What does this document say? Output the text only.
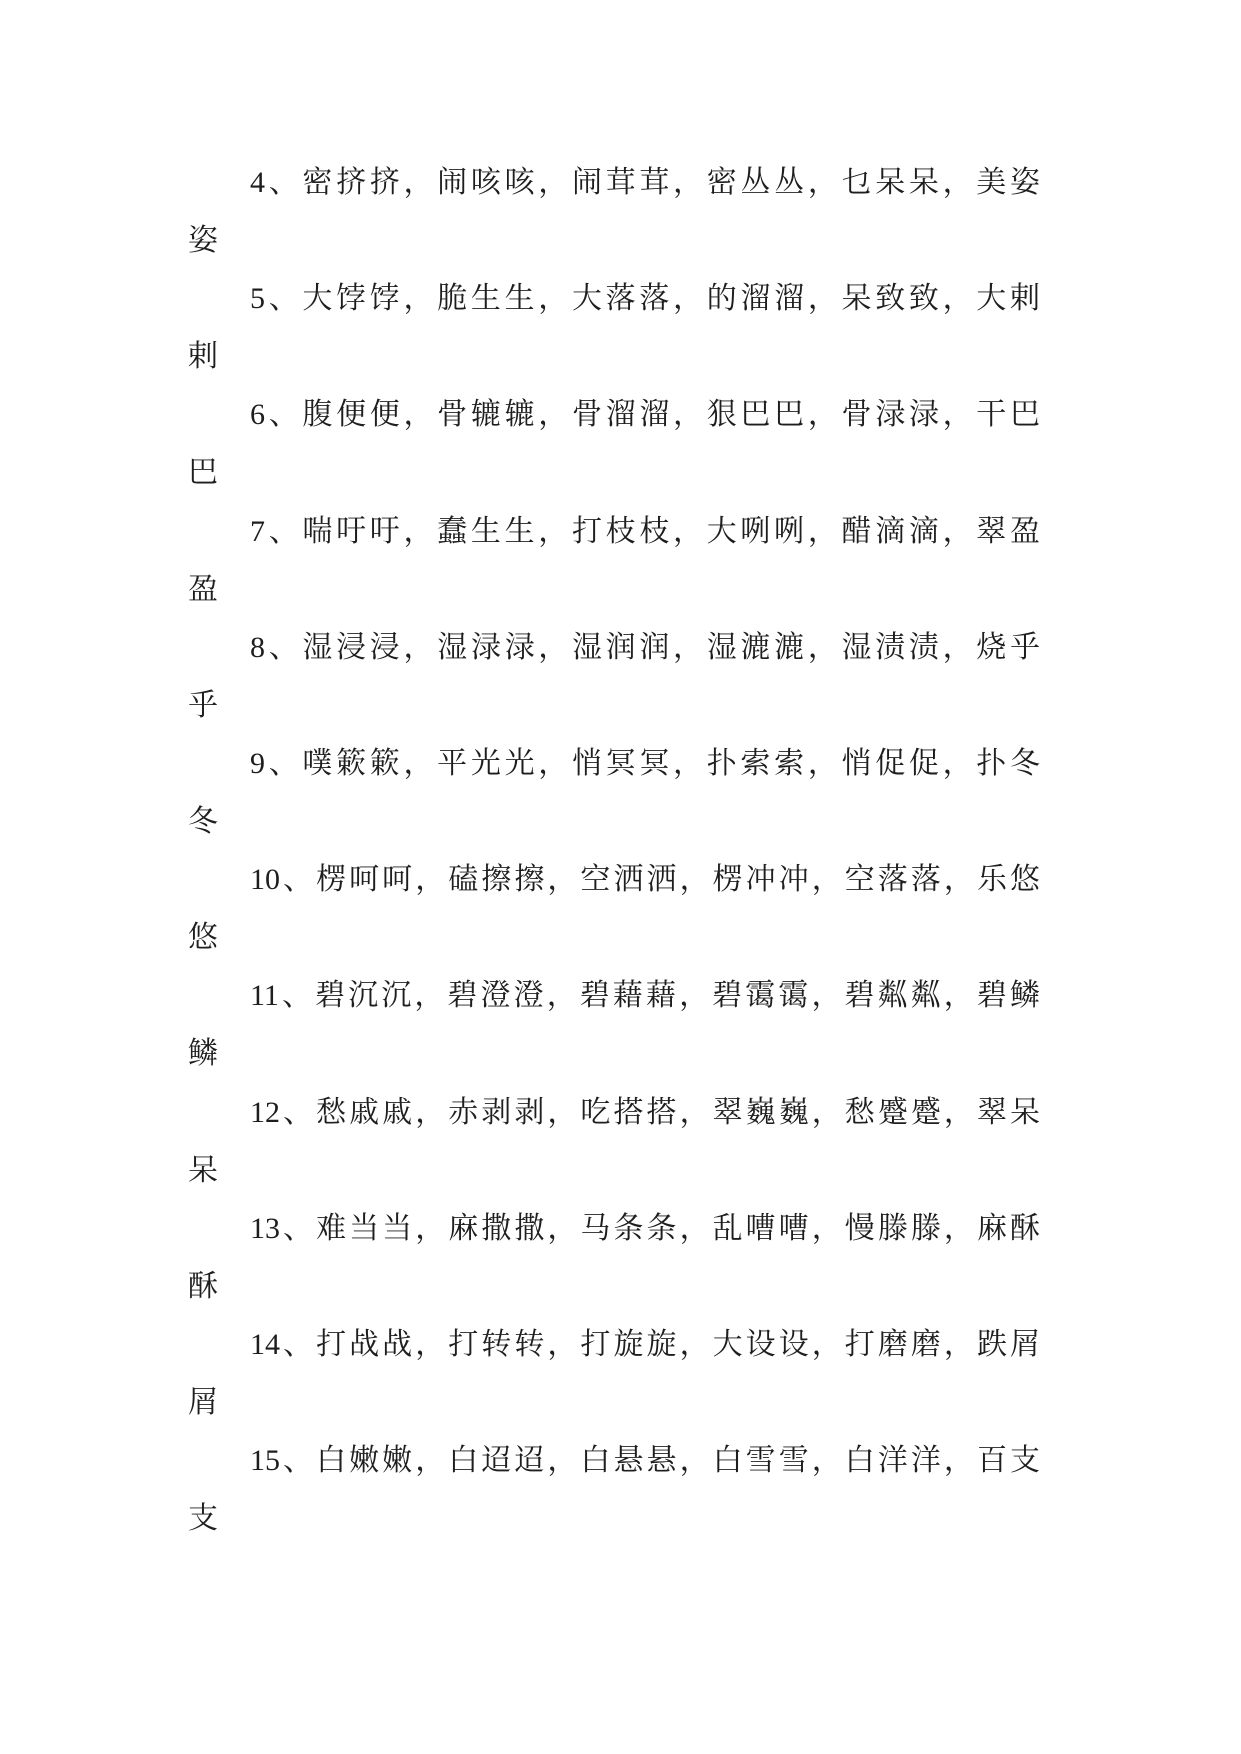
4、密挤挤，闹咳咳，闹茸茸，密丛丛，乜呆呆，美姿
姿
5、大饽饽，脆生生，大落落，的溜溜，呆致致，大剌
剌
6、腹便便，骨辘辘，骨溜溜，狠巴巴，骨渌渌，干巴
巴
7、喘吁吁，蠢生生，打枝枝，大咧咧，醋滴滴，翠盈
盈
8、湿浸浸，湿渌渌，湿润润，湿漉漉，湿渍渍，烧乎
乎
9、噗簌簌，平光光，悄冥冥，扑索索，悄促促，扑冬
冬
10、楞呵呵，磕擦擦，空洒洒，楞冲冲，空落落，乐悠
悠
11、碧沉沉，碧澄澄，碧藉藉，碧霭霭，碧粼粼，碧鳞
鳞
12、愁戚戚，赤剥剥，吃搭搭，翠巍巍，愁蹙蹙，翠呆
呆
13、难当当，麻撒撒，马条条，乱嘈嘈，慢滕滕，麻酥
酥
14、打战战，打转转，打旋旋，大设设，打磨磨，跌屑
屑
15、白嫩嫩，白迢迢，白悬悬，白雪雪，白洋洋，百支
支
